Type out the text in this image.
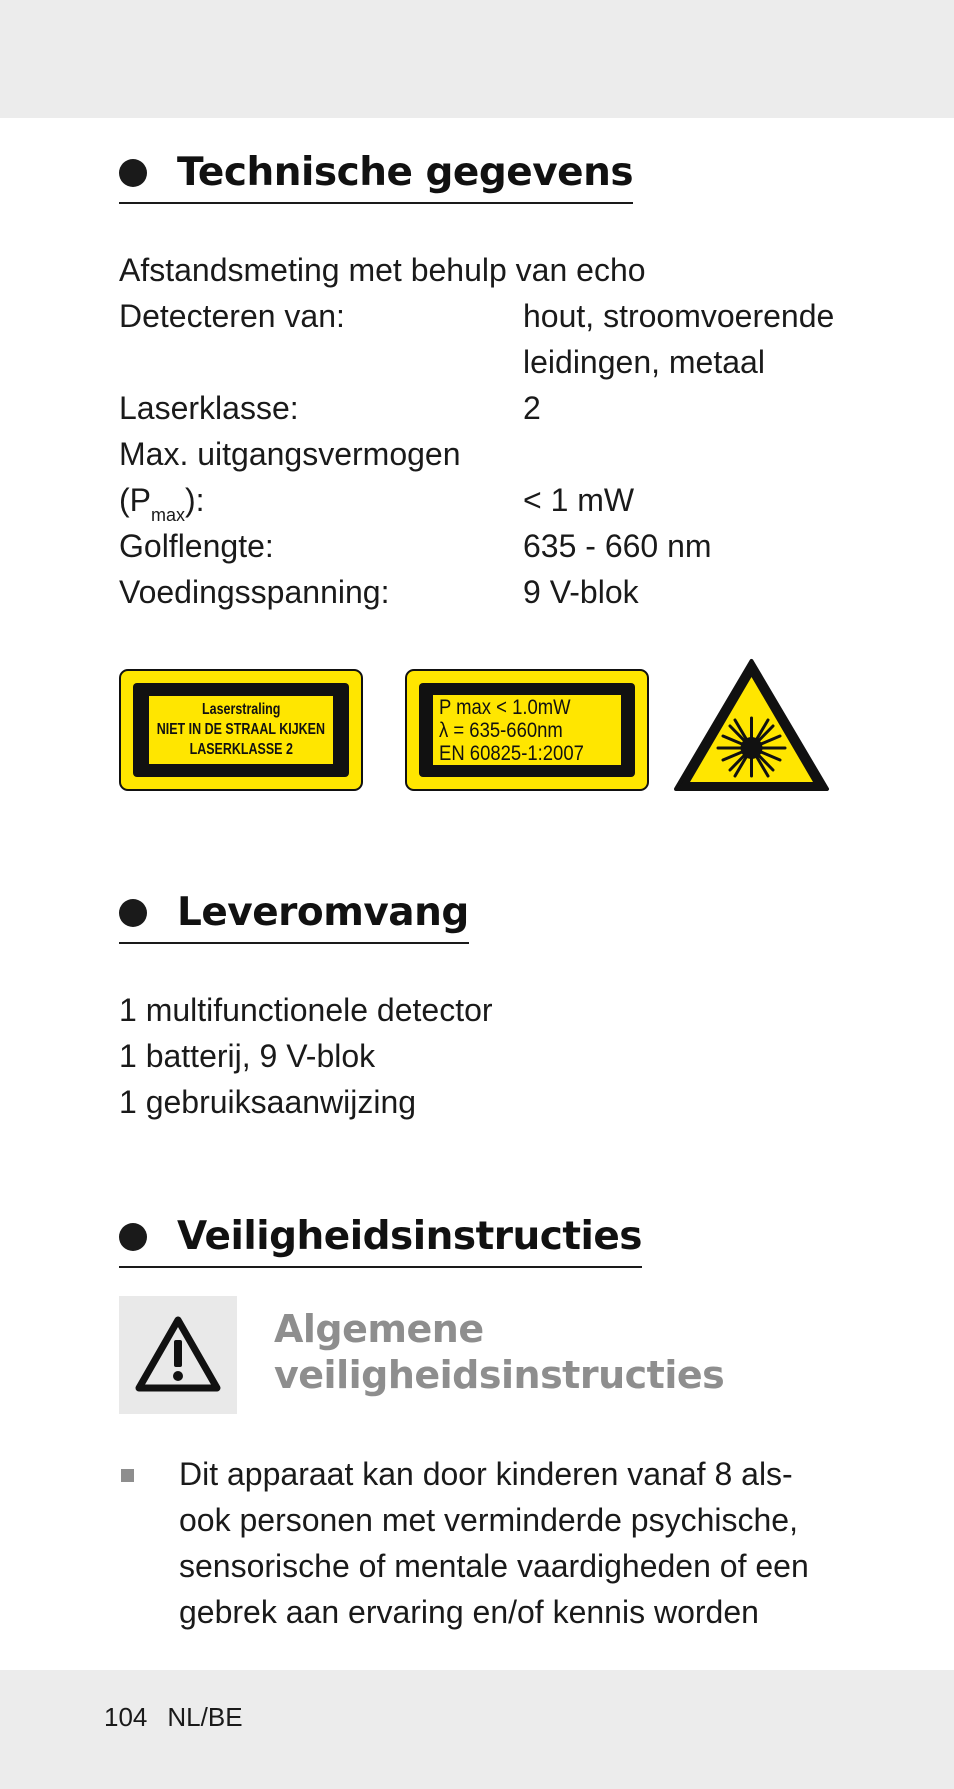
Technische gegevens
Afstandsmeting met behulp van echo
Detecteren van:	hout, stroomvoerende
leidingen, metaal
Laserklasse:	2
Max. uitgangsvermogen
$(P_{max})$:	< 1 mW
Golflengte:	635 - 660 nm
Voedingsspanning:	9 V-blok
Laserstraling
NIET IN DE STRAAL KIJKEN
LASERKLASSE 2
P max < 1.0mW
λ = 635-660nm
EN 60825-1:2007
Leveromvang
1 multifunctionele detector
1 batterij, 9 V-blok
1 gebruiksaanwijzing
Veiligheidsinstructies
Algemene
veiligheidsinstructies
Dit apparaat kan door kinderen vanaf 8 als-
ook personen met verminderde psychische,
sensorische of mentale vaardigheden of een
gebrek aan ervaring en/of kennis worden
104 NL/BE
